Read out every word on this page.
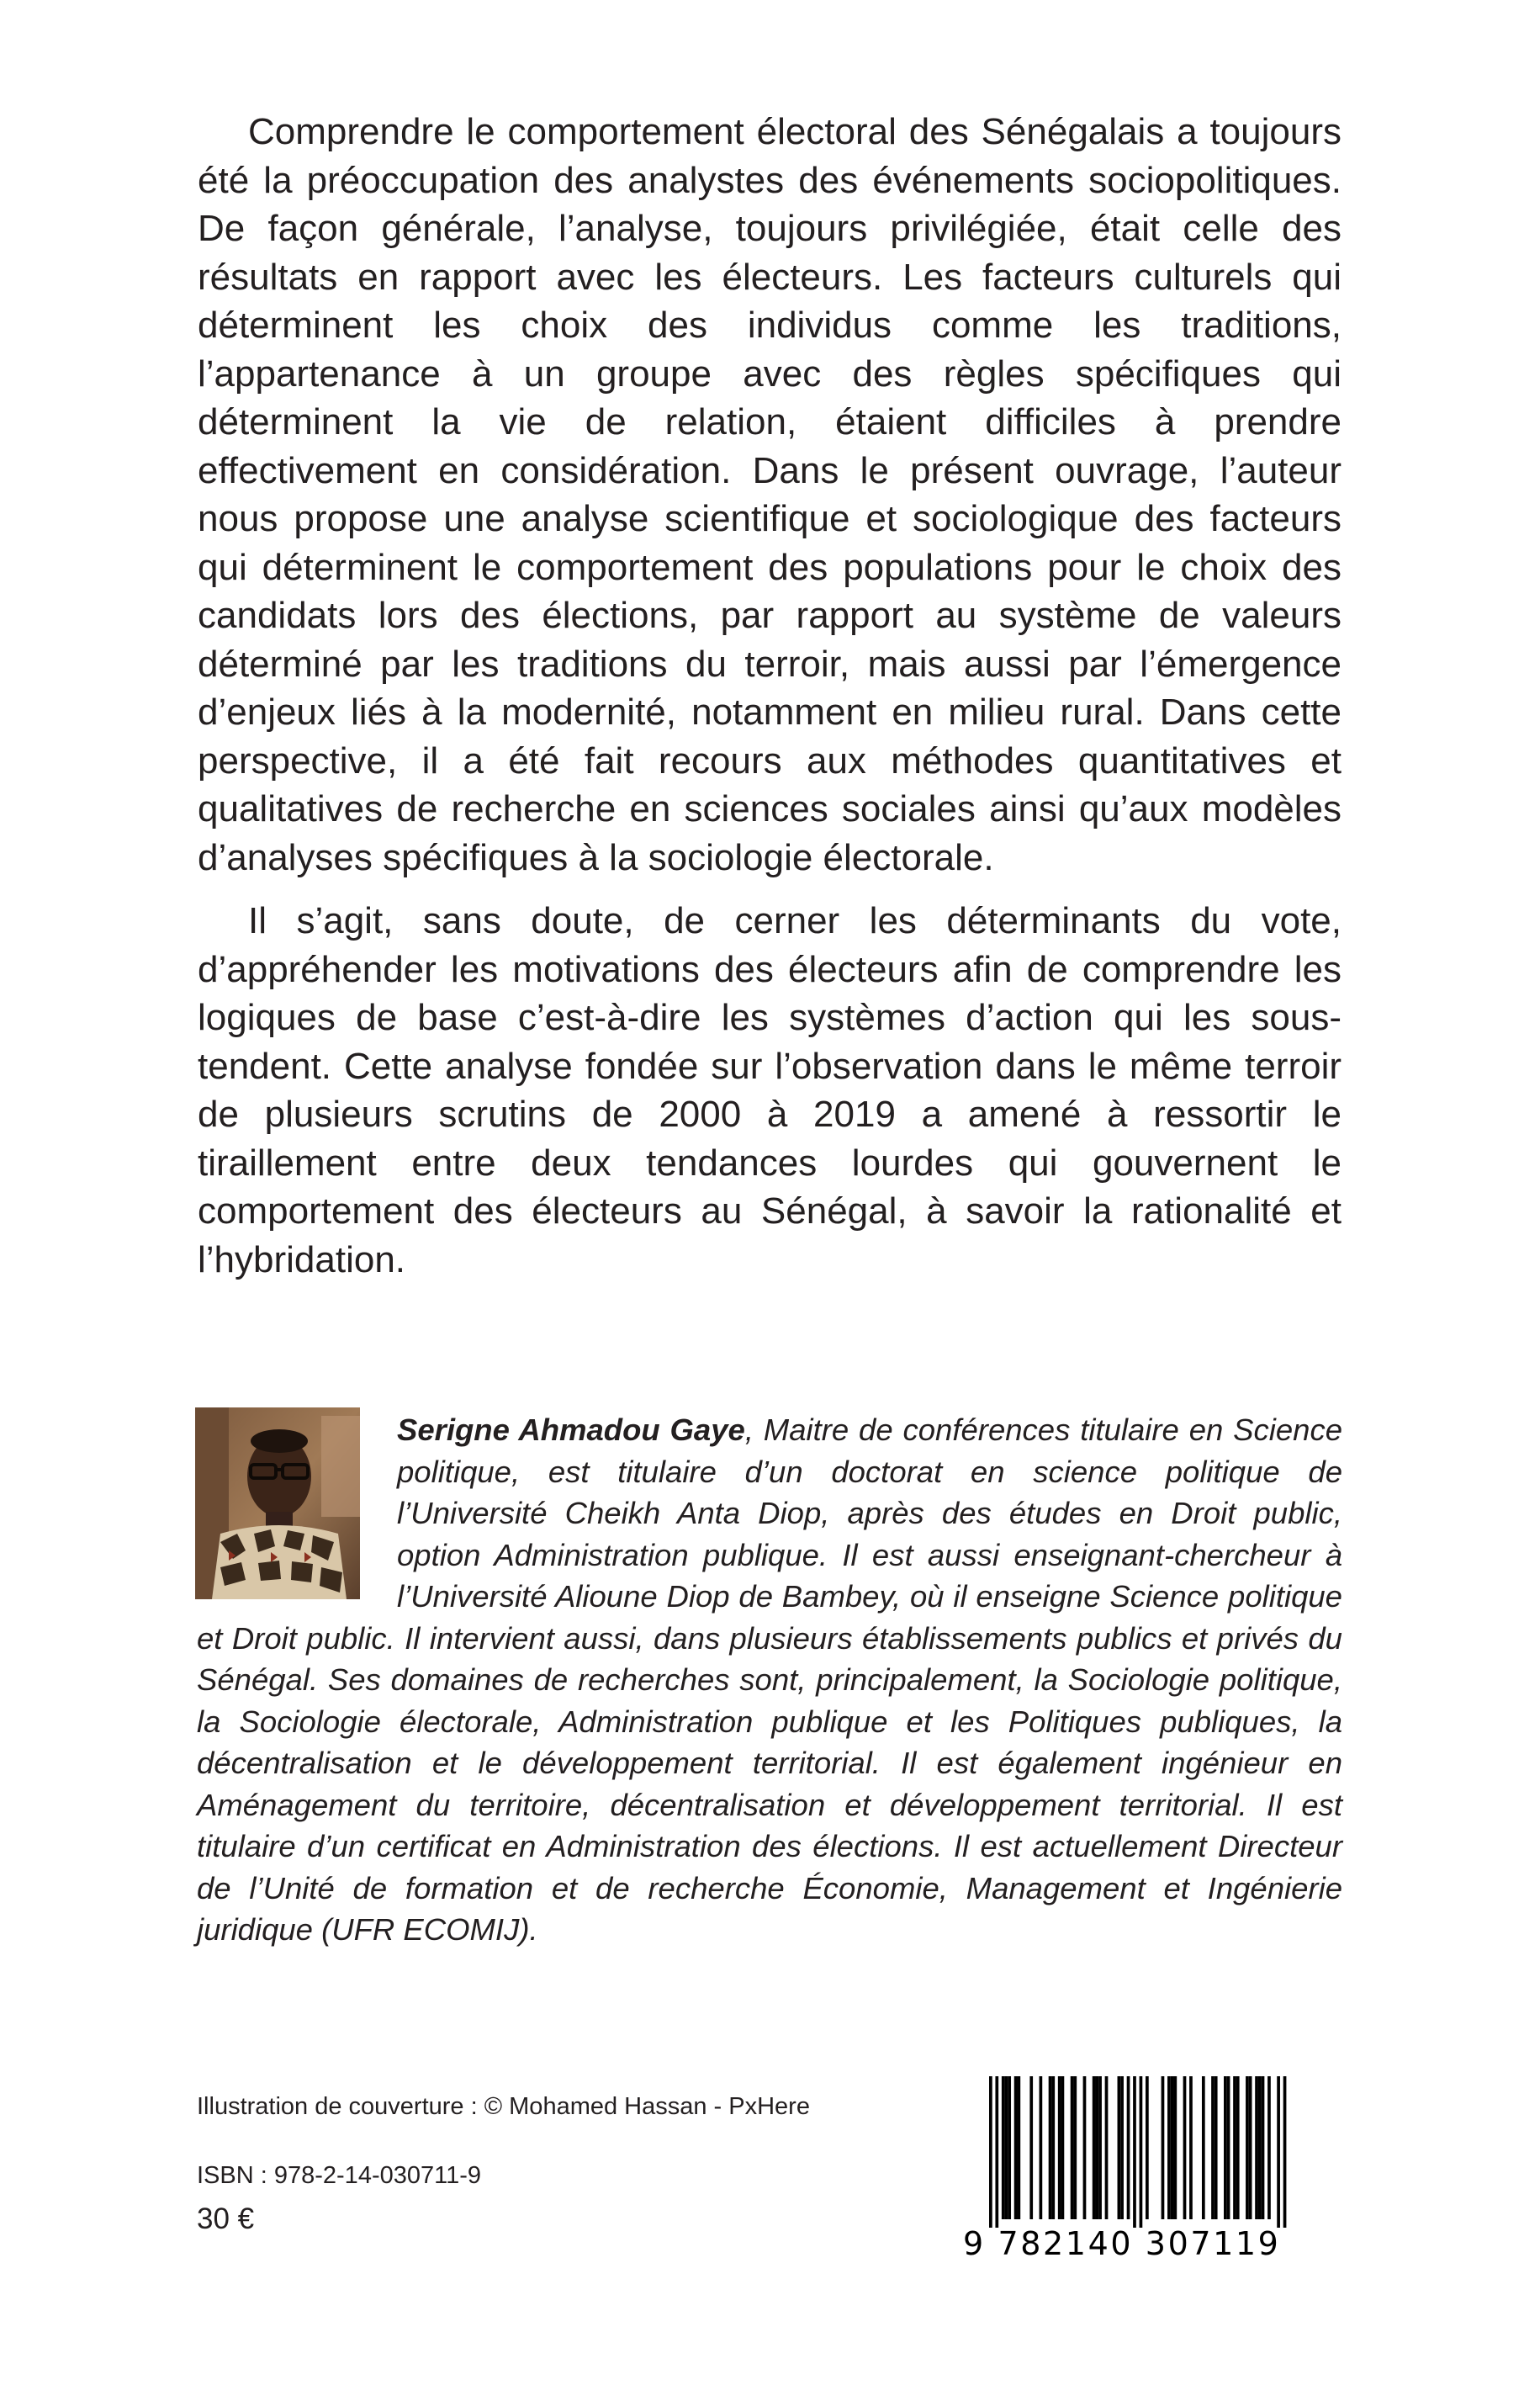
Comprendre le comportement électoral des Sénégalais a toujours été la préoccupation des analystes des événements sociopolitiques. De façon générale, l’analyse, toujours privilégiée, était celle des résultats en rapport avec les électeurs. Les facteurs culturels qui déterminent les choix des individus comme les traditions, l’appartenance à un groupe avec des règles spécifiques qui déterminent la vie de relation, étaient difficiles à prendre effectivement en considération. Dans le présent ouvrage, l’auteur nous propose une analyse scientifique et sociologique des facteurs qui déterminent le comportement des populations pour le choix des candidats lors des élections, par rapport au système de valeurs déterminé par les traditions du terroir, mais aussi par l’émergence d’enjeux liés à la modernité, notamment en milieu rural. Dans cette perspective, il a été fait recours aux méthodes quantitatives et qualitatives de recherche en sciences sociales ainsi qu’aux modèles d’analyses spécifiques à la sociologie électorale.

Il s’agit, sans doute, de cerner les déterminants du vote, d’appréhender les motivations des électeurs afin de comprendre les logiques de base c’est-à-dire les systèmes d’action qui les sous-tendent. Cette analyse fondée sur l’observation dans le même terroir de plusieurs scrutins de 2000 à 2019 a amené à ressortir le tiraillement entre deux tendances lourdes qui gouvernent le comportement des électeurs au Sénégal, à savoir la rationalité et l’hybridation.

Serigne Ahmadou Gaye, Maitre de conférences titulaire en Science politique, est titulaire d’un doctorat en science politique de l’Université Cheikh Anta Diop, après des études en Droit public, option Administration publique. Il est aussi enseignant-chercheur à l’Université Alioune Diop de Bambey, où il enseigne Science politique et Droit public. Il intervient aussi, dans plusieurs établissements publics et privés du Sénégal. Ses domaines de recherches sont, principalement, la Sociologie politique, la Sociologie électorale, Administration publique et les Politiques publiques, la décentralisation et le développement territorial. Il est également ingénieur en Aménagement du territoire, décentralisation et développement territorial. Il est titulaire d’un certificat en Administration des élections. Il est actuellement Directeur de l’Unité de formation et de recherche Économie, Management et Ingénierie juridique (UFR ECOMIJ).

Illustration de couverture : © Mohamed Hassan - PxHere

ISBN : 978-2-14-030711-9

30 €

9 782140 307119
